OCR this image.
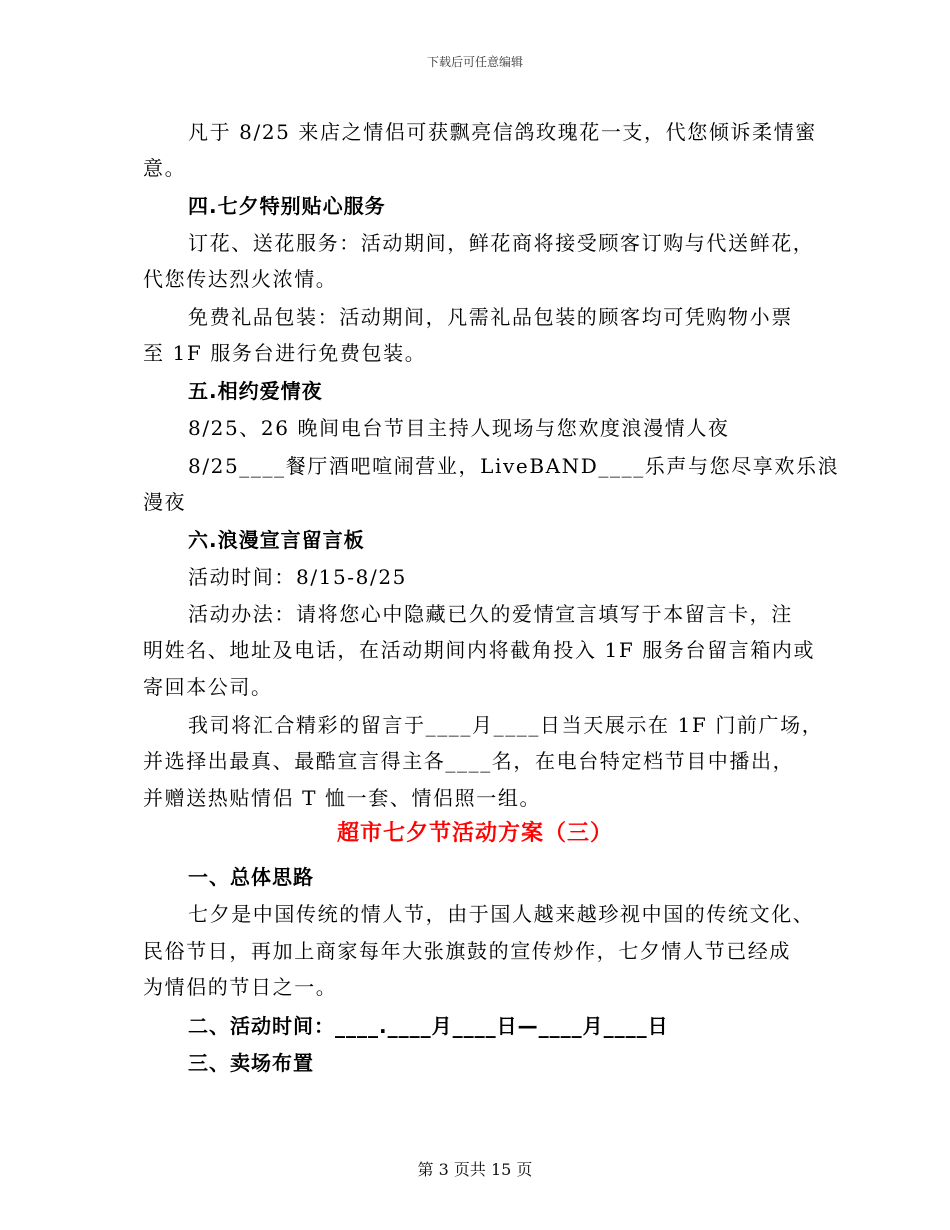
下载后可任意编辑
凡于 8/25 来店之情侣可获飘亮信鸽玫瑰花一支，代您倾诉柔情蜜
意。
四.七夕特别贴心服务
订花、送花服务：活动期间，鲜花商将接受顾客订购与代送鲜花，
代您传达烈火浓情。
免费礼品包装：活动期间，凡需礼品包装的顾客均可凭购物小票
至 1F 服务台进行免费包装。
五.相约爱情夜
8/25、26 晚间电台节目主持人现场与您欢度浪漫情人夜
8/25____餐厅酒吧喧闹营业，LiveBAND____乐声与您尽享欢乐浪
漫夜
六.浪漫宣言留言板
活动时间：8/15-8/25
活动办法：请将您心中隐藏已久的爱情宣言填写于本留言卡，注
明姓名、地址及电话，在活动期间内将截角投入 1F 服务台留言箱内或
寄回本公司。
我司将汇合精彩的留言于____月____日当天展示在 1F 门前广场，
并选择出最真、最酷宣言得主各____名，在电台特定档节目中播出，
并赠送热贴情侣 T 恤一套、情侣照一组。
超市七夕节活动方案（三）
一、总体思路
七夕是中国传统的情人节，由于国人越来越珍视中国的传统文化、
民俗节日，再加上商家每年大张旗鼓的宣传炒作，七夕情人节已经成
为情侣的节日之一。
二、活动时间：____.____月____日—____月____日
三、卖场布置
第 3 页共 15 页
